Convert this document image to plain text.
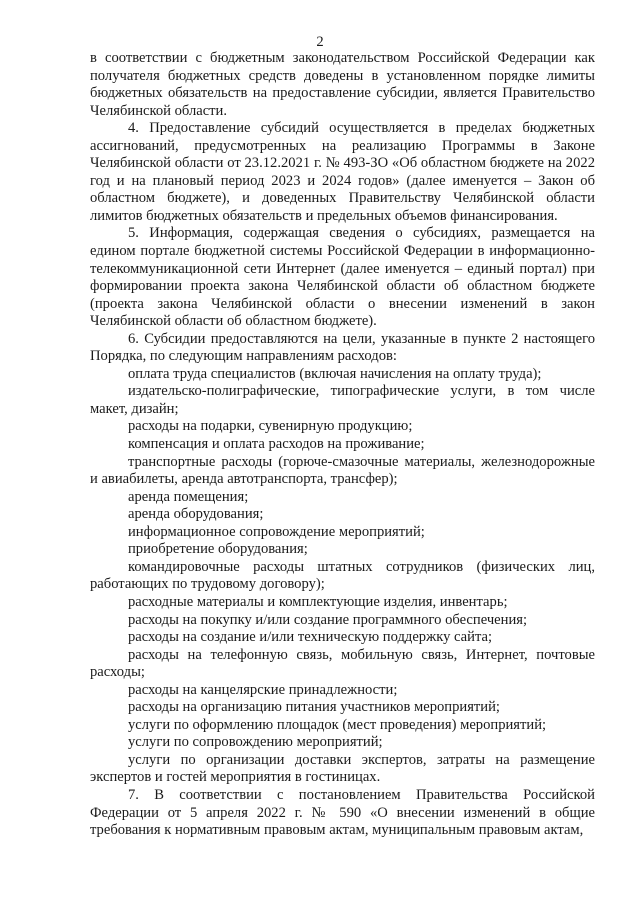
2

в соответствии с бюджетным законодательством Российской Федерации как получателя бюджетных средств доведены в установленном порядке лимиты бюджетных обязательств на предоставление субсидии, является Правительство Челябинской области.

4. Предоставление субсидий осуществляется в пределах бюджетных ассигнований, предусмотренных на реализацию Программы в Законе Челябинской области от 23.12.2021 г. № 493-ЗО «Об областном бюджете на 2022 год и на плановый период 2023 и 2024 годов» (далее именуется – Закон об областном бюджете), и доведенных Правительству Челябинской области лимитов бюджетных обязательств и предельных объемов финансирования.

5. Информация, содержащая сведения о субсидиях, размещается на едином портале бюджетной системы Российской Федерации в информационно-телекоммуникационной сети Интернет (далее именуется – единый портал) при формировании проекта закона Челябинской области об областном бюджете (проекта закона Челябинской области о внесении изменений в закон Челябинской области об областном бюджете).

6. Субсидии предоставляются на цели, указанные в пункте 2 настоящего Порядка, по следующим направлениям расходов:

оплата труда специалистов (включая начисления на оплату труда);

издательско-полиграфические, типографические услуги, в том числе макет, дизайн;

расходы на подарки, сувенирную продукцию;

компенсация и оплата расходов на проживание;

транспортные расходы (горюче-смазочные материалы, железнодорожные и авиабилеты, аренда автотранспорта, трансфер);

аренда помещения;

аренда оборудования;

информационное сопровождение мероприятий;

приобретение оборудования;

командировочные расходы штатных сотрудников (физических лиц, работающих по трудовому договору);

расходные материалы и комплектующие изделия, инвентарь;

расходы на покупку и/или создание программного обеспечения;

расходы на создание и/или техническую поддержку сайта;

расходы на телефонную связь, мобильную связь, Интернет, почтовые расходы;

расходы на канцелярские принадлежности;

расходы на организацию питания участников мероприятий;

услуги по оформлению площадок (мест проведения) мероприятий;

услуги по сопровождению мероприятий;

услуги по организации доставки экспертов, затраты на размещение экспертов и гостей мероприятия в гостиницах.

7. В соответствии с постановлением Правительства Российской Федерации от 5 апреля 2022 г. № 590 «О внесении изменений в общие требования к нормативным правовым актам, муниципальным правовым актам,
